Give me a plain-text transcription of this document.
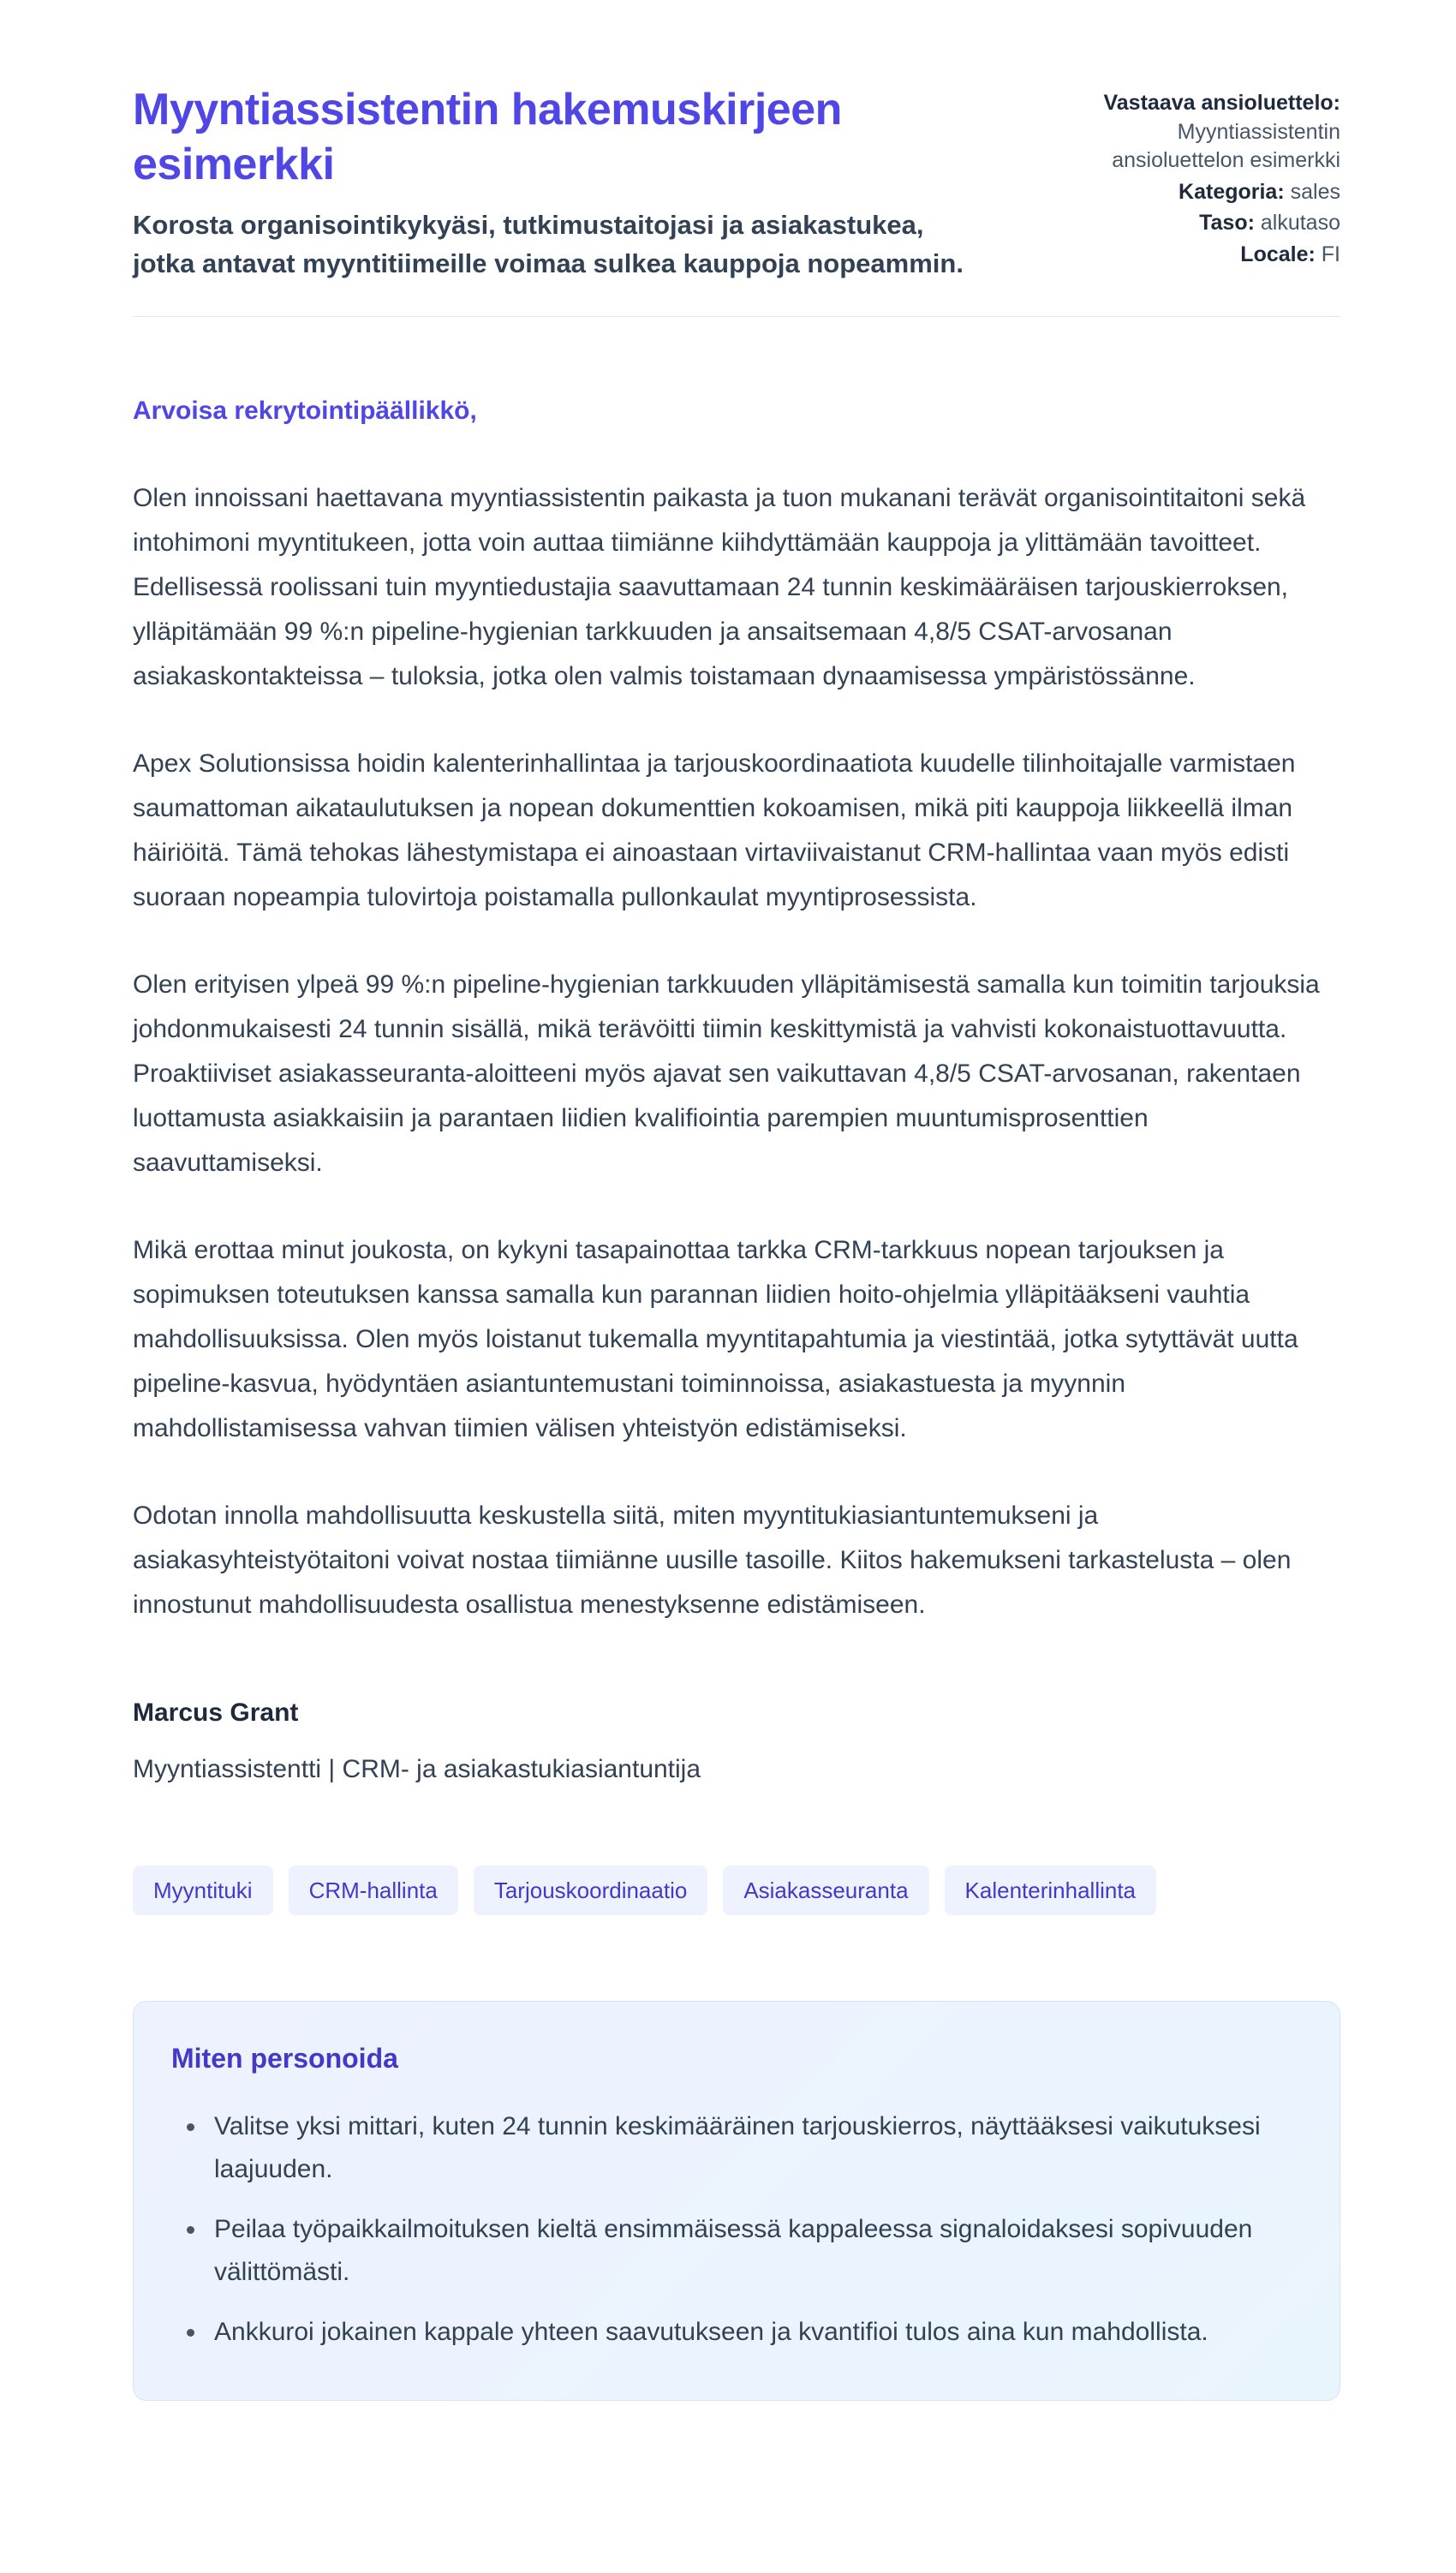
Myyntiassistentin hakemuskirjeen esimerkki

Korosta organisointikykyäsi, tutkimustaitojasi ja asiakastukea, jotka antavat myyntitiimeille voimaa sulkea kauppoja nopeammin.

Vastaava ansioluettelo: Myyntiassistentin ansioluettelon esimerkki
Kategoria: sales
Taso: alkutaso
Locale: FI

Arvoisa rekrytointipäällikkö,

Olen innoissani haettavana myyntiassistentin paikasta ja tuon mukanani terävät organisointitaitoni sekä intohimoni myyntitukeen, jotta voin auttaa tiimiänne kiihdyttämään kauppoja ja ylittämään tavoitteet. Edellisessä roolissani tuin myyntiedustajia saavuttamaan 24 tunnin keskimääräisen tarjouskierroksen, ylläpitämään 99 %:n pipeline-hygienian tarkkuuden ja ansaitsemaan 4,8/5 CSAT-arvosanan asiakaskontakteissa – tuloksia, jotka olen valmis toistamaan dynaamisessa ympäristössänne.

Apex Solutionsissa hoidin kalenterinhallintaa ja tarjouskoordinaatiota kuudelle tilinhoitajalle varmistaen saumattoman aikataulutuksen ja nopean dokumenttien kokoamisen, mikä piti kauppoja liikkeellä ilman häiriöitä. Tämä tehokas lähestymistapa ei ainoastaan virtaviivaistanut CRM-hallintaa vaan myös edisti suoraan nopeampia tulovirtoja poistamalla pullonkaulat myyntiprosessista.

Olen erityisen ylpeä 99 %:n pipeline-hygienian tarkkuuden ylläpitämisestä samalla kun toimitin tarjouksia johdonmukaisesti 24 tunnin sisällä, mikä terävöitti tiimin keskittymistä ja vahvisti kokonaistuottavuutta. Proaktiiviset asiakasseuranta-aloitteeni myös ajavat sen vaikuttavan 4,8/5 CSAT-arvosanan, rakentaen luottamusta asiakkaisiin ja parantaen liidien kvalifiointia parempien muuntumisprosenttien saavuttamiseksi.

Mikä erottaa minut joukosta, on kykyni tasapainottaa tarkka CRM-tarkkuus nopean tarjouksen ja sopimuksen toteutuksen kanssa samalla kun parannan liidien hoito-ohjelmia ylläpitääkseni vauhtia mahdollisuuksissa. Olen myös loistanut tukemalla myyntitapahtumia ja viestintää, jotka sytyttävät uutta pipeline-kasvua, hyödyntäen asiantuntemustani toiminnoissa, asiakastuesta ja myynnin mahdollistamisessa vahvan tiimien välisen yhteistyön edistämiseksi.

Odotan innolla mahdollisuutta keskustella siitä, miten myyntitukiasiantuntemukseni ja asiakasyhteistyötaitoni voivat nostaa tiimiänne uusille tasoille. Kiitos hakemukseni tarkastelusta – olen innostunut mahdollisuudesta osallistua menestyksenne edistämiseen.

Marcus Grant

Myyntiassistentti | CRM- ja asiakastukiasiantuntija

Myyntituki	CRM-hallinta	Tarjouskoordinaatio	Asiakasseuranta	Kalenterinhallinta
Miten personoida
• Valitse yksi mittari, kuten 24 tunnin keskimääräinen tarjouskierros, näyttääksesi vaikutuksesi laajuuden.
• Peilaa työpaikkailmoituksen kieltä ensimmäisessä kappaleessa signaloidaksesi sopivuuden välittömästi.
• Ankkuroi jokainen kappale yhteen saavutukseen ja kvantifioi tulos aina kun mahdollista.
